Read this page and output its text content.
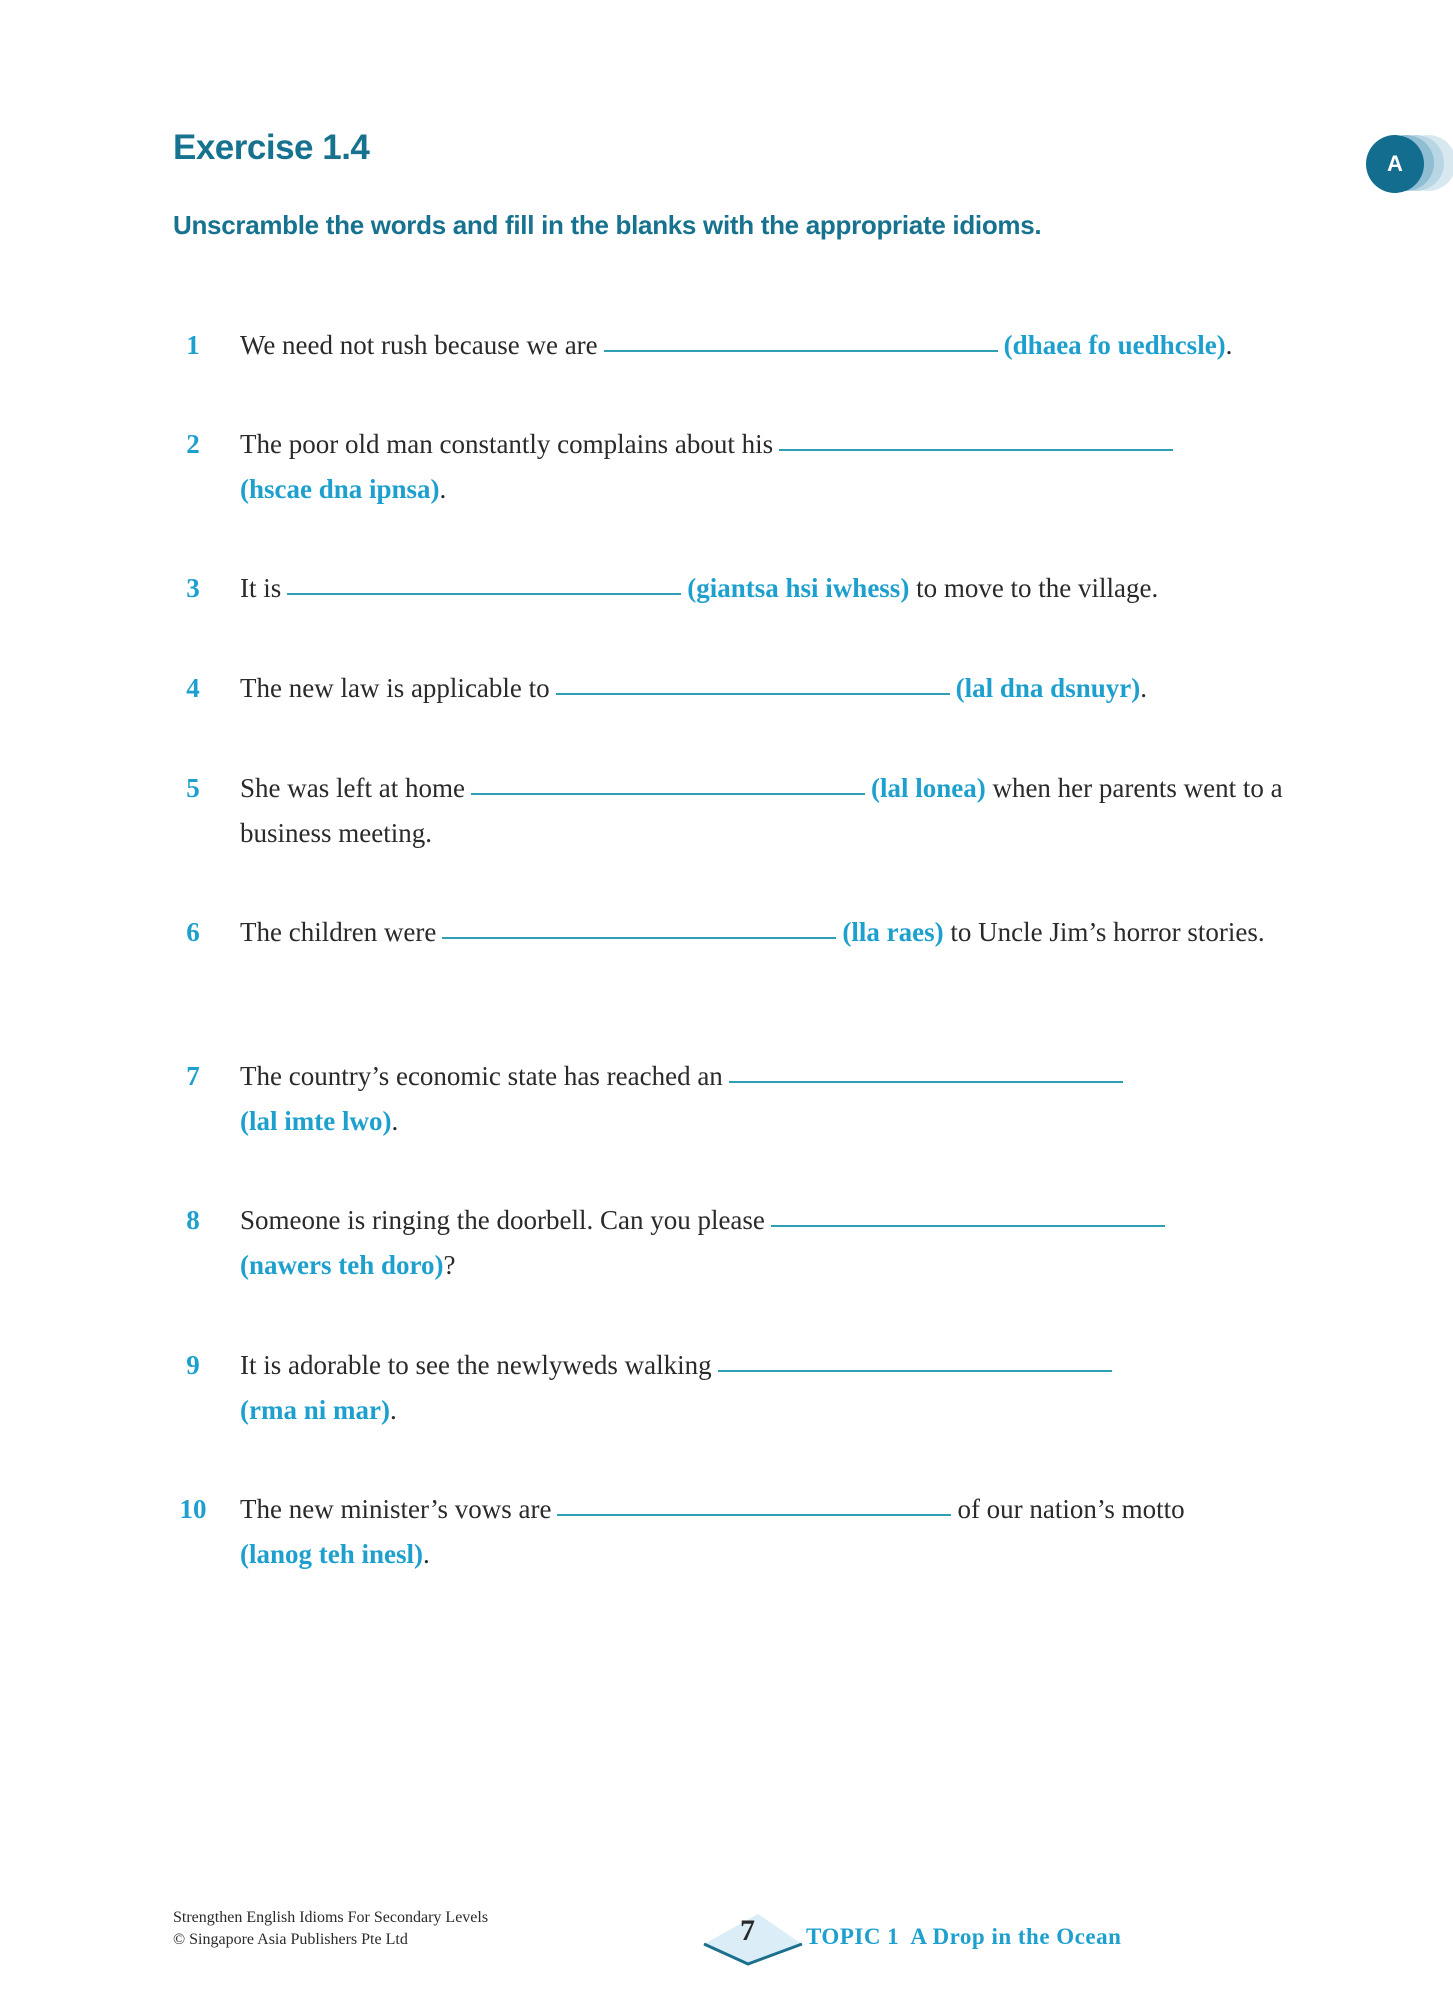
Exercise 1.4
Unscramble the words and fill in the blanks with the appropriate idioms.
A
1	We need not rush because we are	(dhaea fo uedhcsle).
2	The poor old man constantly complains about his
(hscae dna ipnsa).
3	It is	(giantsa hsi iwhess) to move to the village.
4	The new law is applicable to	(lal dna dsnuyr).
5	She was left at home	(lal lonea) when her parents went to a business meeting.
6	The children were	(lla raes) to Uncle Jim’s horror stories.
7	The country’s economic state has reached an
(lal imte lwo).
8	Someone is ringing the doorbell. Can you please
(nawers teh doro)?
9	It is adorable to see the newlyweds walking
(rma ni mar).
10 The new minister’s vows are	of our nation’s motto
(lanog teh inesl).
Strengthen English Idioms For Secondary Levels
© Singapore Asia Publishers Pte Ltd	7 TOPIC 1  A Drop in the Ocean
